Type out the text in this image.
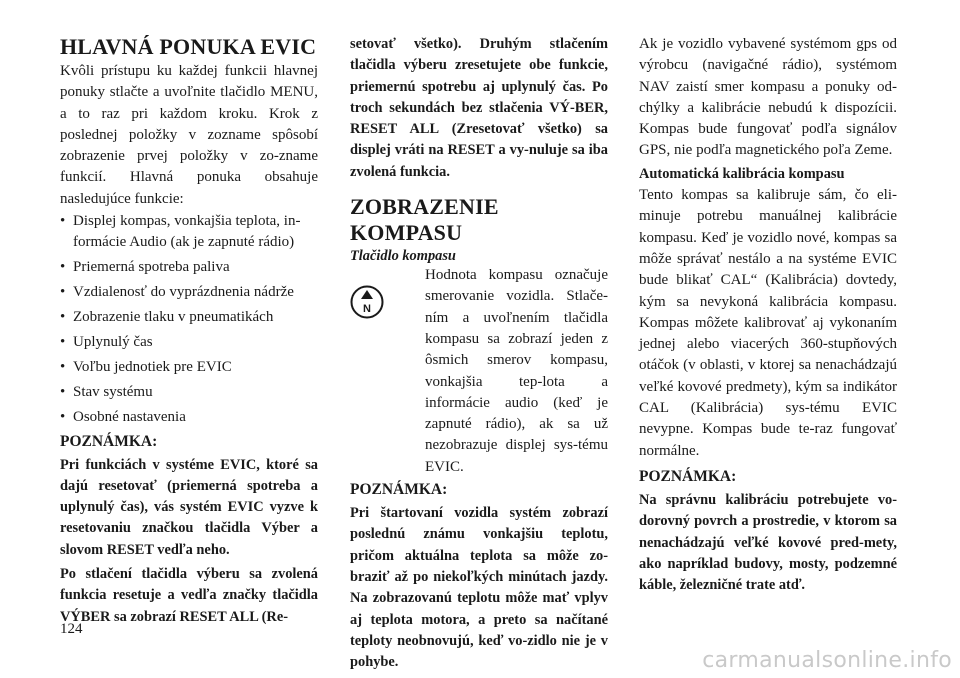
HLAVNÁ PONUKA EVIC

Kvôli prístupu ku každej funkcii hlavnej ponuky stlačte a uvoľnite tlačidlo MENU, a to raz pri každom kroku. Krok z poslednej položky v zozname spôsobí zobrazenie prvej položky v zo-zname funkcií. Hlavná ponuka obsahuje nasledujúce funkcie:

• Displej kompas, vonkajšia teplota, in-formácie Audio (ak je zapnuté rádio)
• Priemerná spotreba paliva
• Vzdialenosť do vyprázdnenia nádrže
• Zobrazenie tlaku v pneumatikách
• Uplynulý čas
• Voľbu jednotiek pre EVIC
• Stav systému
• Osobné nastavenia
POZNÁMKA:

Pri funkciách v systéme EVIC, ktoré sa dajú resetovať (priemerná spotreba a uplynulý čas), vás systém EVIC vyzve k resetovaniu značkou tlačidla Výber a slovom RESET vedľa neho.

Po stlačení tlačidla výberu sa zvolená funkcia resetuje a vedľa značky tlačidla VÝBER sa zobrazí RESET ALL (Re-

setovať všetko). Druhým stlačením tlačidla výberu zresetujete obe funkcie, priemernú spotrebu aj uplynulý čas. Po troch sekundách bez stlačenia VÝ-BER, RESET ALL (Zresetovať všetko) sa displej vráti na RESET a vy-nuluje sa iba zvolená funkcia.

ZOBRAZENIE KOMPASU

Tlačidlo kompasu

N

Hodnota kompasu označuje smerovanie vozidla. Stlače-ním a uvoľnením tlačidla kompasu sa zobrazí jeden z ôsmich smerov kompasu, vonkajšia tep-lota a informácie audio (keď je zapnuté rádio), ak sa už nezobrazuje displej sys-tému EVIC.

POZNÁMKA:

Pri štartovaní vozidla systém zobrazí poslednú známu vonkajšiu teplotu, pričom aktuálna teplota sa môže zo-braziť až po niekoľkých minútach jazdy. Na zobrazovanú teplotu môže mať vplyv aj teplota motora, a preto sa načítané teploty neobnovujú, keď vo-zidlo nie je v pohybe.

Ak je vozidlo vybavené systémom gps od výrobcu (navigačné rádio), systémom NAV zaistí smer kompasu a ponuky od-chýlky a kalibrácie nebudú k dispozícii. Kompas bude fungovať podľa signálov GPS, nie podľa magnetického poľa Zeme.

Automatická kalibrácia kompasu

Tento kompas sa kalibruje sám, čo eli-minuje potrebu manuálnej kalibrácie kompasu. Keď je vozidlo nové, kompas sa môže správať nestálo a na systéme EVIC bude blikať CAL“ (Kalibrácia) dovtedy, kým sa nevykoná kalibrácia kompasu. Kompas môžete kalibrovať aj vykonaním jednej alebo viacerých 360-stupňových otáčok (v oblasti, v ktorej sa nenachádzajú veľké kovové predmety), kým sa indikátor CAL (Kalibrácia) sys-tému EVIC nevypne. Kompas bude te-raz fungovať normálne.

POZNÁMKA:

Na správnu kalibráciu potrebujete vo-dorovný povrch a prostredie, v ktorom sa nenachádzajú veľké kovové pred-mety, ako napríklad budovy, mosty, podzemné káble, železničné trate atď.

124
carmanualsonline.info
